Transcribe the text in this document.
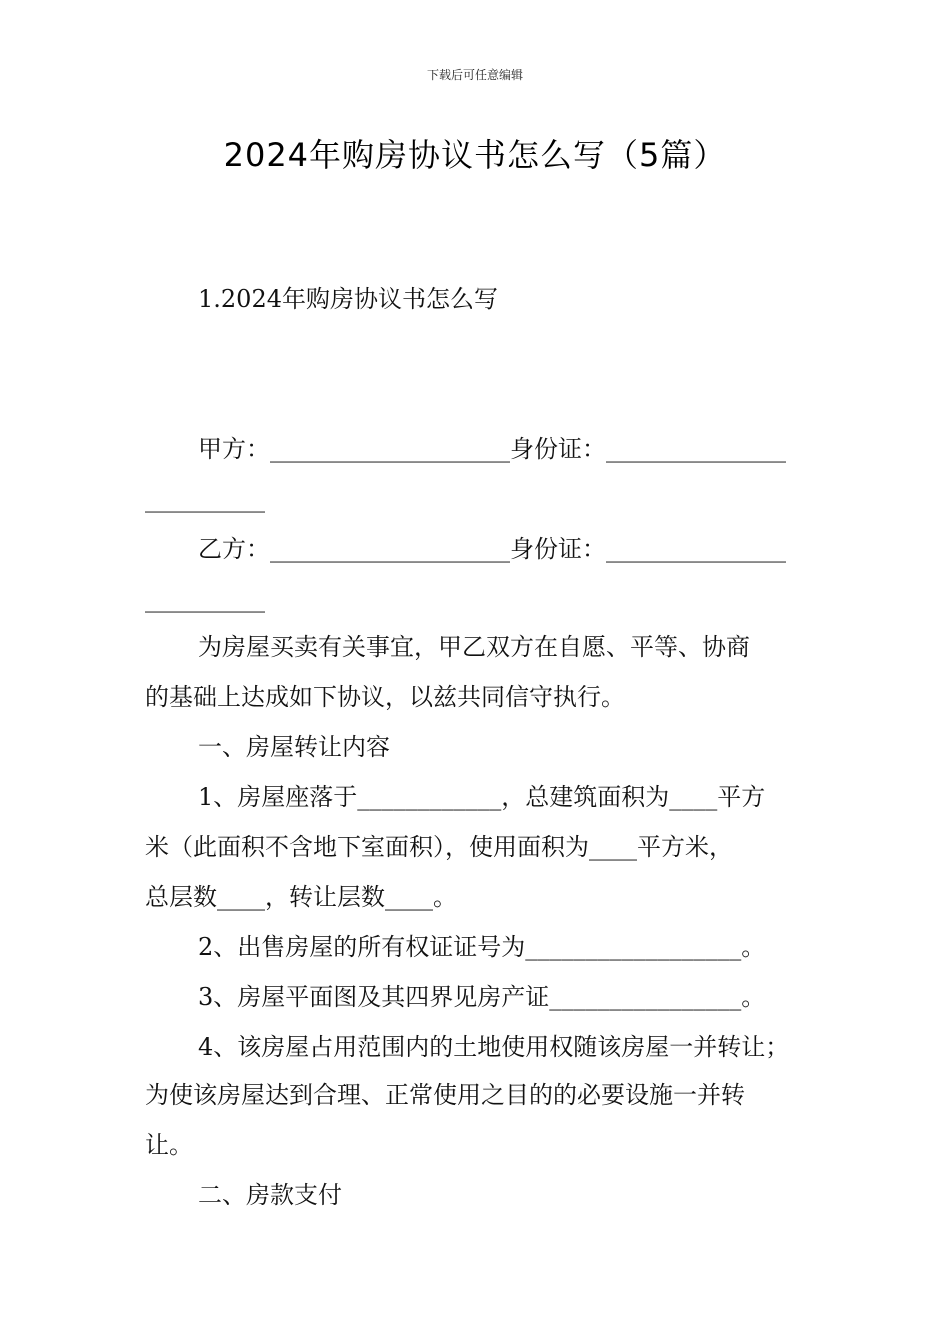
下载后可任意编辑
2024年购房协议书怎么写（5篇）
1.2024年购房协议书怎么写
甲方：____________________身份证：_______________
__________
乙方：____________________身份证：_______________
__________
为房屋买卖有关事宜，甲乙双方在自愿、平等、协商
的基础上达成如下协议，以兹共同信守执行。
一、房屋转让内容
1、房屋座落于____________，总建筑面积为____平方
米（此面积不含地下室面积），使用面积为____平方米，
总层数____，转让层数____。
2、出售房屋的所有权证证号为__________________。
3、房屋平面图及其四界见房产证________________。
4、该房屋占用范围内的土地使用权随该房屋一并转让；
为使该房屋达到合理、正常使用之目的的必要设施一并转
让。
二、房款支付
